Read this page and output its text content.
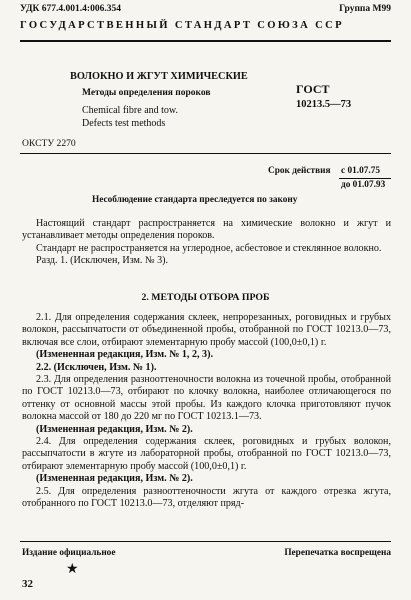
УДК 677.4.001.4:006.354	Группа М99
ГОСУДАРСТВЕННЫЙ СТАНДАРТ СОЮЗА ССР
ВОЛОКНО И ЖГУТ ХИМИЧЕСКИЕ
Методы определения пороков
Chemical fibre and tow.
Defects test methods
ГОСТ
10213.5—73
ОКСТУ 2270
Срок действия с 01.07.75
до 01.07.93
Несоблюдение стандарта преследуется по закону

Настоящий стандарт распространяется на химические волокно и жгут и устанавливает методы определения пороков.

Стандарт не распространяется на углеродное, асбестовое и стеклянное волокно.

Разд. 1. (Исключен, Изм. № 3).

2. МЕТОДЫ ОТБОРА ПРОБ

2.1. Для определения содержания склеек, непрорезанных, роговидных и грубых волокон, рассыпчатости от объединенной пробы, отобранной по ГОСТ 10213.0—73, включая все слои, отбирают элементарную пробу массой (100,0±0,1) г.

(Измененная редакция, Изм. № 1, 2, 3).

2.2. (Исключен, Изм. № 1).

2.3. Для определения разнооттеночности волокна из точечной пробы, отобранной по ГОСТ 10213.0—73, отбирают по клочку волокна, наиболее отличающегося по оттенку от основной массы этой пробы. Из каждого клочка приготовляют пучок волокна массой от 180 до 220 мг по ГОСТ 10213.1—73.

(Измененная редакция, Изм. № 2).

2.4. Для определения содержания склеек, роговидных и грубых волокон, рассыпчатости в жгуте из лабораторной пробы, отобранной по ГОСТ 10213.0—73, отбирают элементарную пробу массой (100,0±0,1) г.

(Измененная редакция, Изм. № 2).

2.5. Для определения разнооттеночности жгута от каждого отрезка жгута, отобранного по ГОСТ 10213.0—73, отделяют пряд-

Издание официальное	Перепечатка воспрещена
★
32
